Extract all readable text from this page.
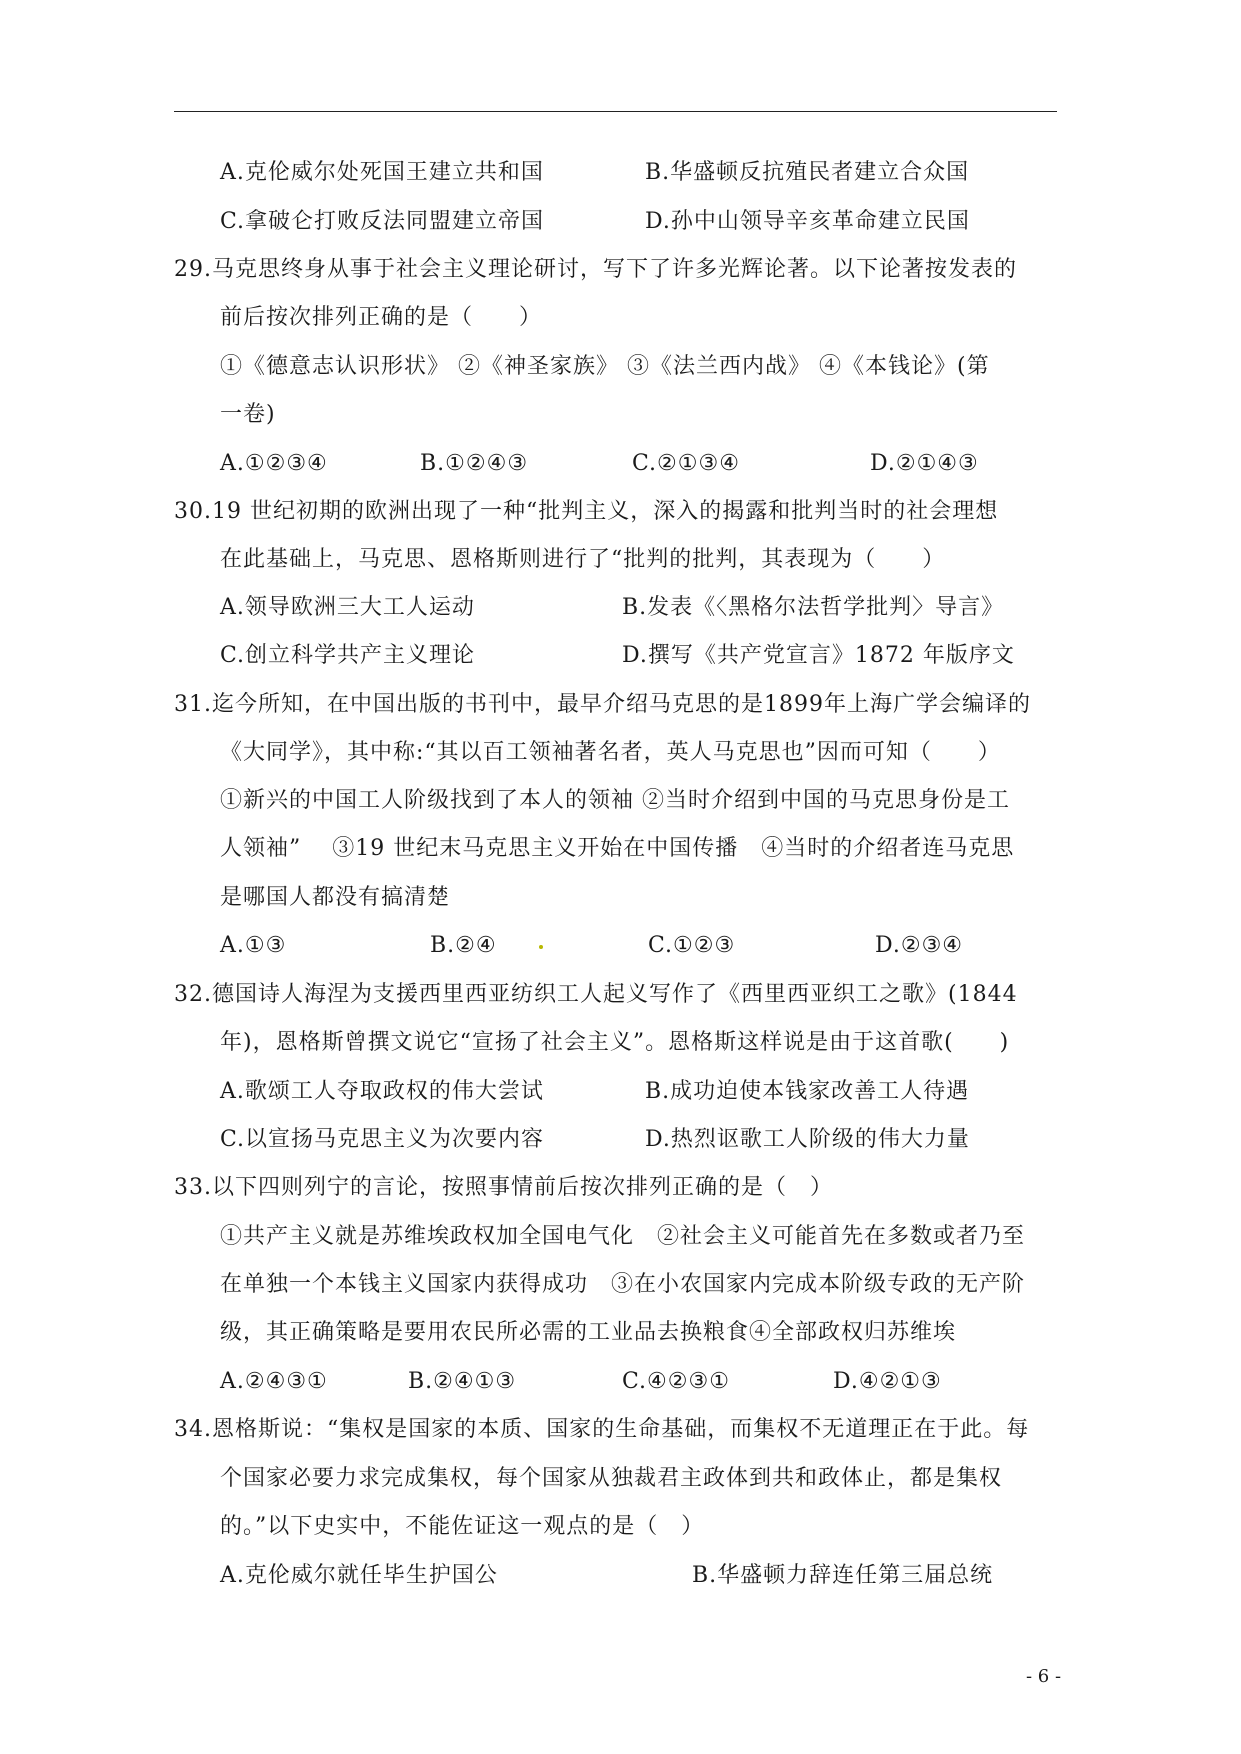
A.克伦威尔处死国王建立共和国	B.华盛顿反抗殖民者建立合众国
C.拿破仑打败反法同盟建立帝国	D.孙中山领导辛亥革命建立民国
29.马克思终身从事于社会主义理论研讨，写下了许多光辉论著。以下论著按发表的
前后按次排列正确的是（　　）
①《德意志认识形状》 ②《神圣家族》 ③《法兰西内战》 ④《本钱论》(第
一卷)
A.①②③④	B.①②④③	C.②①③④	D.②①④③
30.19 世纪初期的欧洲出现了一种“批判主义，深入的揭露和批判当时的社会理想
在此基础上，马克思、恩格斯则进行了“批判的批判，其表现为（　　）
A.领导欧洲三大工人运动	B.发表《〈黑格尔法哲学批判〉导言》
C.创立科学共产主义理论	D.撰写《共产党宣言》1872 年版序文
31.迄今所知，在中国出版的书刊中，最早介绍马克思的是1899年上海广学会编译的
《大同学》，其中称:“其以百工领袖著名者，英人马克思也”因而可知（　　）
①新兴的中国工人阶级找到了本人的领袖 ②当时介绍到中国的马克思身份是工
人领袖”　 ③19 世纪末马克思主义开始在中国传播　④当时的介绍者连马克思
是哪国人都没有搞清楚
A.①③	B.②④	C.①②③	D.②③④
32.德国诗人海涅为支援西里西亚纺织工人起义写作了《西里西亚织工之歌》(1844
年)，恩格斯曾撰文说它“宣扬了社会主义”。恩格斯这样说是由于这首歌(　　)
A.歌颂工人夺取政权的伟大尝试	B.成功迫使本钱家改善工人待遇
C.以宣扬马克思主义为次要内容	D.热烈讴歌工人阶级的伟大力量
33.以下四则列宁的言论，按照事情前后按次排列正确的是（　）
①共产主义就是苏维埃政权加全国电气化　②社会主义可能首先在多数或者乃至
在单独一个本钱主义国家内获得成功　③在小农国家内完成本阶级专政的无产阶
级，其正确策略是要用农民所必需的工业品去换粮食④全部政权归苏维埃
A.②④③①	B.②④①③	C.④②③①	D.④②①③
34.恩格斯说：“集权是国家的本质、国家的生命基础，而集权不无道理正在于此。每
个国家必要力求完成集权，每个国家从独裁君主政体到共和政体止，都是集权
的。”以下史实中，不能佐证这一观点的是（　）
A.克伦威尔就任毕生护国公	B.华盛顿力辞连任第三届总统
- 6 -
